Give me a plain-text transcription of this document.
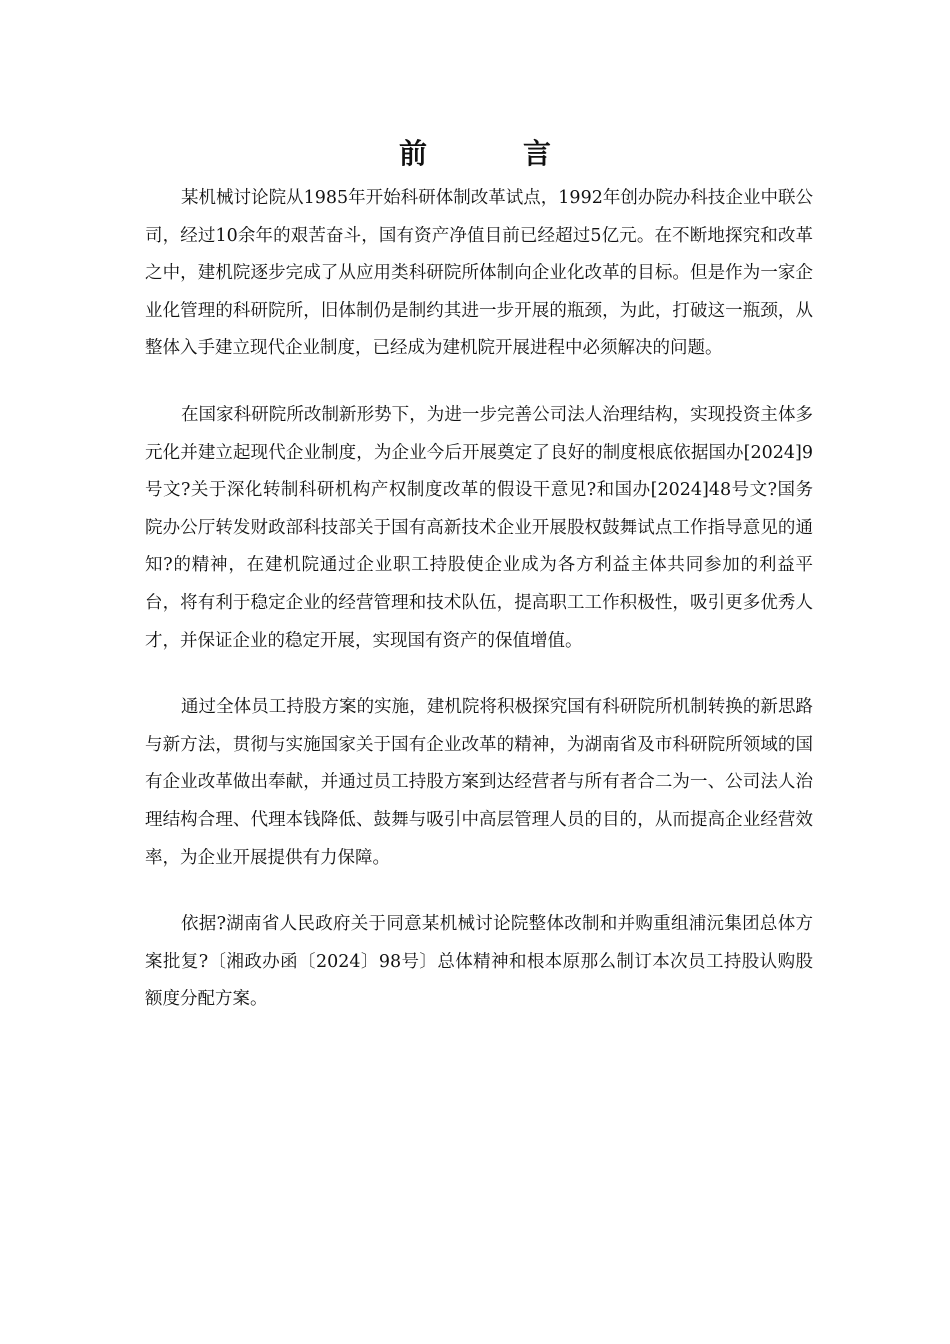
前　言

某机械讨论院从1985年开始科研体制改革试点，1992年创办院办科技企业中联公司，经过10余年的艰苦奋斗，国有资产净值目前已经超过5亿元。在不断地探究和改革之中，建机院逐步完成了从应用类科研院所体制向企业化改革的目标。但是作为一家企业化管理的科研院所，旧体制仍是制约其进一步开展的瓶颈，为此，打破这一瓶颈，从整体入手建立现代企业制度，已经成为建机院开展进程中必须解决的问题。

在国家科研院所改制新形势下，为进一步完善公司法人治理结构，实现投资主体多元化并建立起现代企业制度，为企业今后开展奠定了良好的制度根底依据国办[2024]9号文?关于深化转制科研机构产权制度改革的假设干意见?和国办[2024]48号文?国务院办公厅转发财政部科技部关于国有高新技术企业开展股权鼓舞试点工作指导意见的通知?的精神，在建机院通过企业职工持股使企业成为各方利益主体共同参加的利益平台，将有利于稳定企业的经营管理和技术队伍，提高职工工作积极性，吸引更多优秀人才，并保证企业的稳定开展，实现国有资产的保值增值。

通过全体员工持股方案的实施，建机院将积极探究国有科研院所机制转换的新思路与新方法，贯彻与实施国家关于国有企业改革的精神，为湖南省及市科研院所领域的国有企业改革做出奉献，并通过员工持股方案到达经营者与所有者合二为一、公司法人治理结构合理、代理本钱降低、鼓舞与吸引中高层管理人员的目的，从而提高企业经营效率，为企业开展提供有力保障。

依据?湖南省人民政府关于同意某机械讨论院整体改制和并购重组浦沅集团总体方案批复?〔湘政办函〔2024〕98号〕总体精神和根本原那么制订本次员工持股认购股额度分配方案。
